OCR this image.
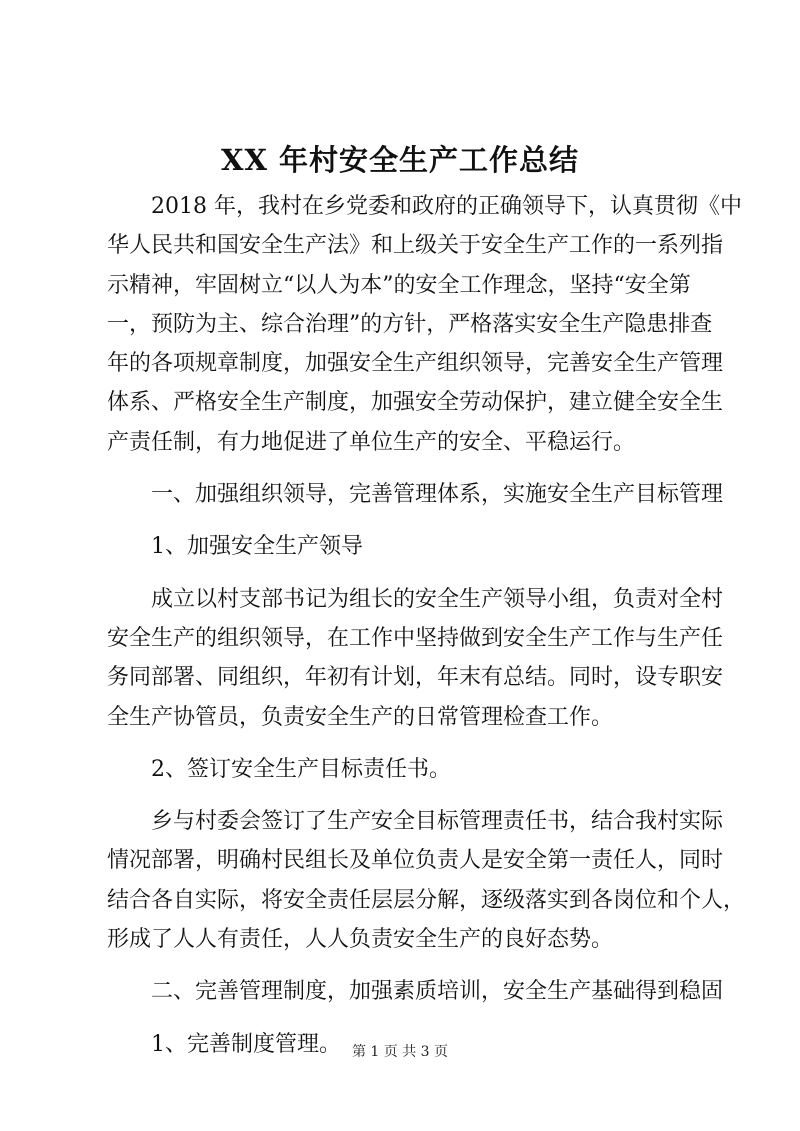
XX 年村安全生产工作总结

2018 年，我村在乡党委和政府的正确领导下，认真贯彻《中
华人民共和国安全生产法》和上级关于安全生产工作的一系列指
示精神，牢固树立“以人为本”的安全工作理念，坚持“安全第
一，预防为主、综合治理”的方针，严格落实安全生产隐患排查
年的各项规章制度，加强安全生产组织领导，完善安全生产管理
体系、严格安全生产制度，加强安全劳动保护，建立健全安全生
产责任制，有力地促进了单位生产的安全、平稳运行。

一、加强组织领导，完善管理体系，实施安全生产目标管理

1、加强安全生产领导

成立以村支部书记为组长的安全生产领导小组，负责对全村
安全生产的组织领导，在工作中坚持做到安全生产工作与生产任
务同部署、同组织，年初有计划，年末有总结。同时，设专职安
全生产协管员，负责安全生产的日常管理检查工作。

2、签订安全生产目标责任书。

乡与村委会签订了生产安全目标管理责任书，结合我村实际
情况部署，明确村民组长及单位负责人是安全第一责任人，同时
结合各自实际，将安全责任层层分解，逐级落实到各岗位和个人，
形成了人人有责任，人人负责安全生产的良好态势。

二、完善管理制度，加强素质培训，安全生产基础得到稳固

1、完善制度管理。 第 1 页 共 3 页
